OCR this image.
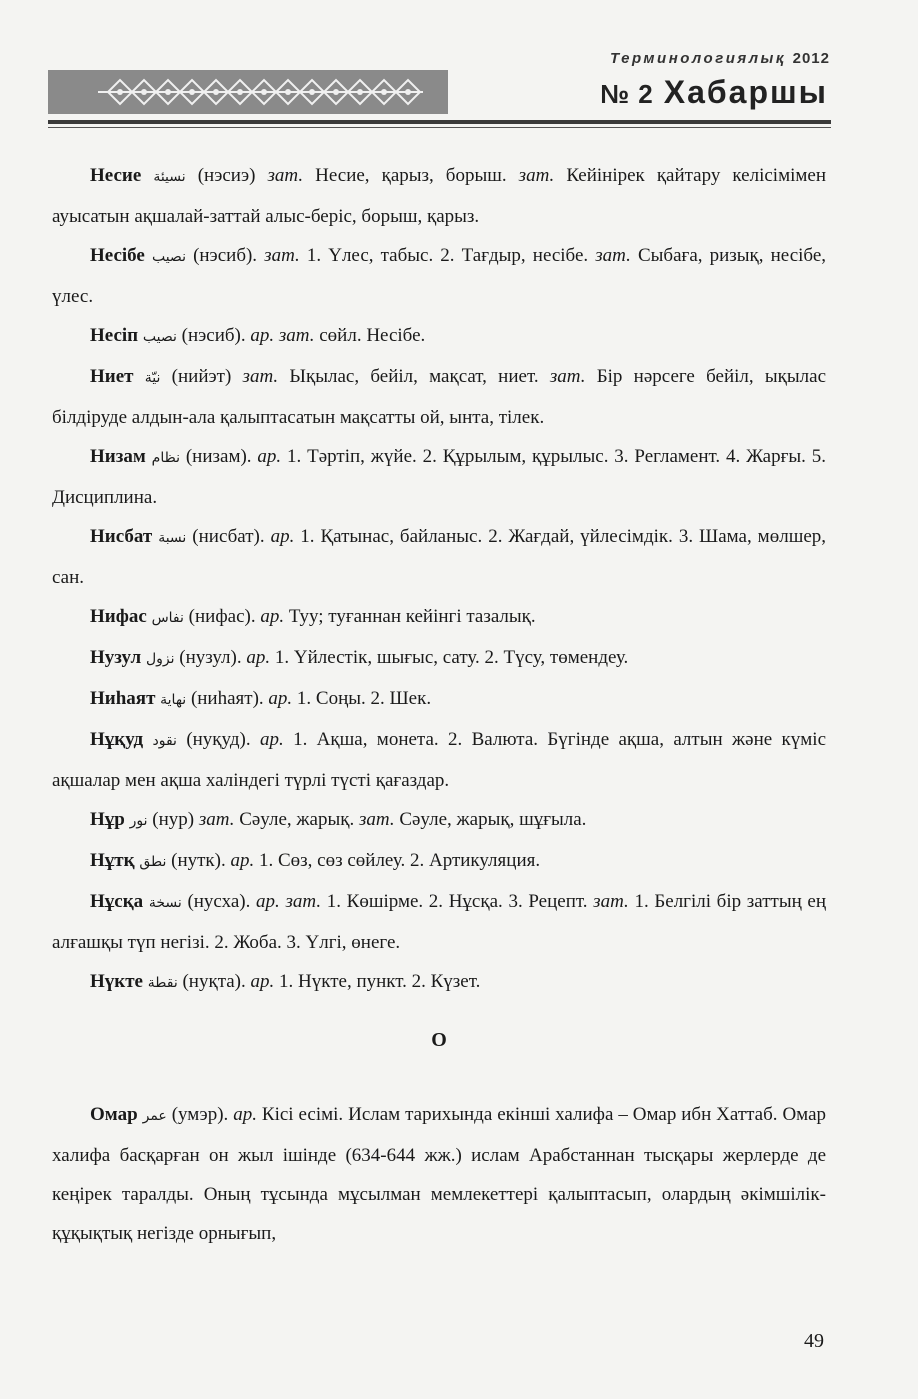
Терминологиялық 2012
№ 2 Хабаршы

Несие نسيئة (нэсиэ) зат. Несие, қарыз, борыш. зат. Кейінірек қайтару келісімімен ауысатын ақшалай-заттай алыс-беріс, борыш, қарыз.

Несібе نصيب (нэсиб). зат. 1. Үлес, табыс. 2. Тағдыр, несібе. зат. Сыбаға, ризық, несібе, үлес.

Несіп نصيب (нэсиб). ар. зат. сөйл. Несібе.

Ниет نيّة (нийэт) зат. Ықылас, бейіл, мақсат, ниет. зат. Бір нәрсеге бейіл, ықылас білдіруде алдын-ала қалыптасатын мақсатты ой, ынта, тілек.

Низам نظام (низам). ар. 1. Тәртіп, жүйе. 2. Құрылым, құрылыс. 3. Регламент. 4. Жарғы. 5. Дисциплина.

Нисбат نسبة (нисбат). ар. 1. Қатынас, байланыс. 2. Жағдай, үйлесімдік. 3. Шама, мөлшер, сан.

Нифас نفاس (нифас). ар. Туу; туғаннан кейінгі тазалық.

Нузул نزول (нузул). ар. 1. Үйлестік, шығыс, сату. 2. Түсу, төмендеу.

Ниһаят نهاية (ниһаят). ар. 1. Соңы. 2. Шек.

Нұқуд نقود (нуқуд). ар. 1. Ақша, монета. 2. Валюта. Бүгінде ақша, алтын және күміс ақшалар мен ақша халіндегі түрлі түсті қағаздар.

Нұр نور (нур) зат. Сәуле, жарық. зат. Сәуле, жарық, шұғыла.

Нұтқ نطق (нутк). ар. 1. Сөз, сөз сөйлеу. 2. Артикуляция.

Нұсқа نسخة (нусха). ар. зат. 1. Көшірме. 2. Нұсқа. 3. Рецепт. зат. 1. Белгілі бір заттың ең алғашқы түп негізі. 2. Жоба. 3. Үлгі, өнеге.

Нүкте نقطة (нуқта). ар. 1. Нүкте, пункт. 2. Күзет.

О

Омар عمر (умэр). ар. Кісі есімі. Ислам тарихында екінші халифа – Омар ибн Хаттаб. Омар халифа басқарған он жыл ішінде (634-644 жж.) ислам Арабстаннан тысқары жерлерде де кеңірек таралды. Оның тұсында мұсылман мемлекеттері қалыптасып, олардың әкімшілік-құқықтық негізде орнығып,

49
